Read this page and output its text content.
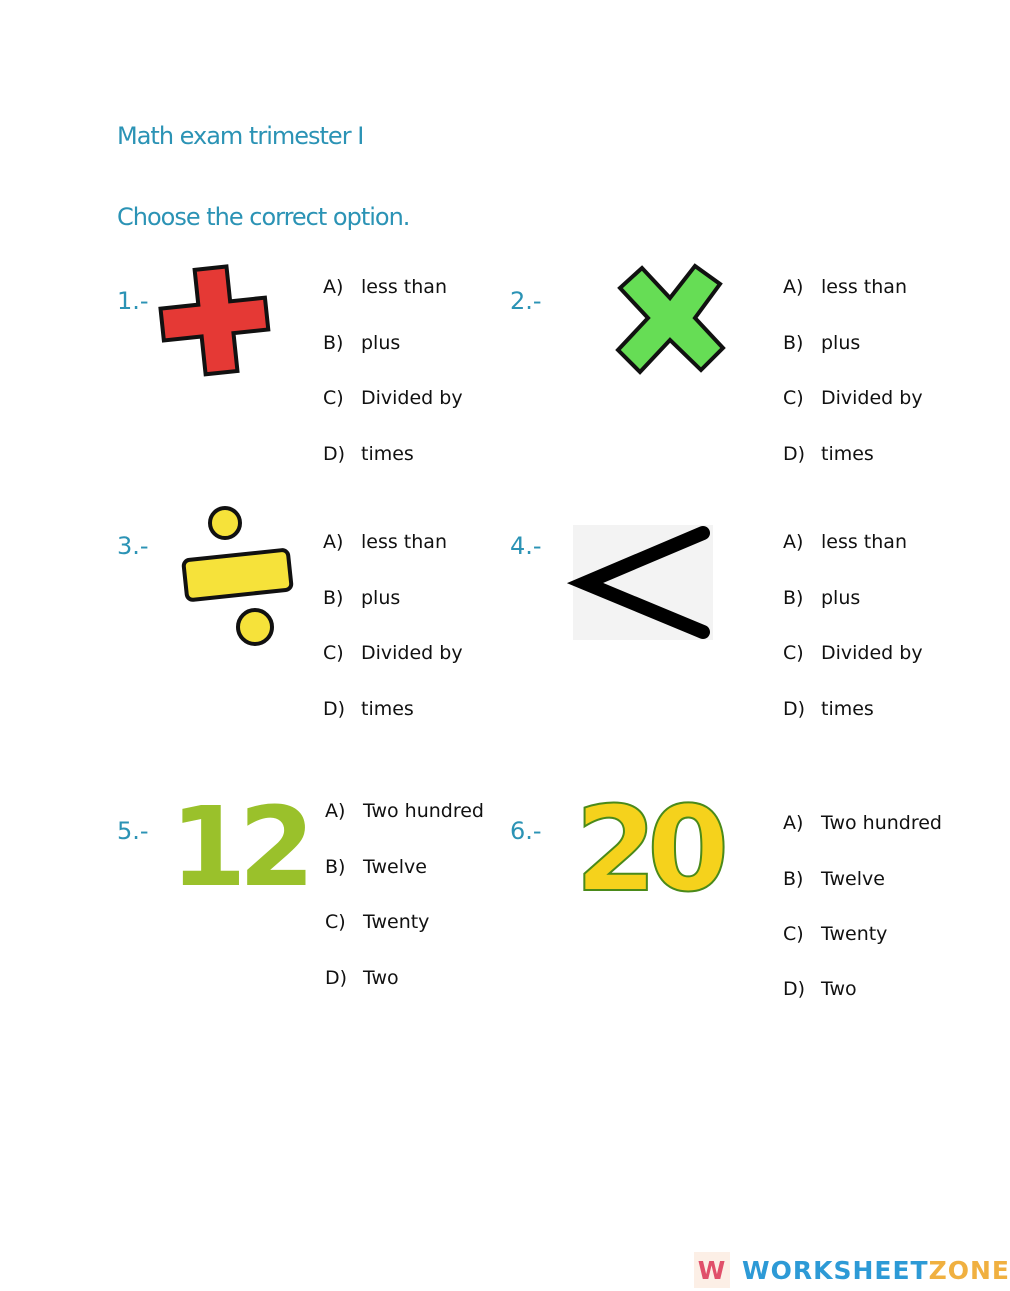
Math exam trimester I
Choose the correct option.
12 20
1.-	A) less than
B) plus
C) Divided by
D) times
2.-	A) less than
B) plus
C) Divided by
D) times
3.-	A) less than
B) plus
C) Divided by
D) times
4.-	A) less than
B) plus
C) Divided by
D) times
5.-
A) Two hundred
B) Twelve
C) Twenty
D) Two
6.-	A) Two hundred
B) Twelve
C) Twenty
D) Two
W WORKSHEET ZONE
